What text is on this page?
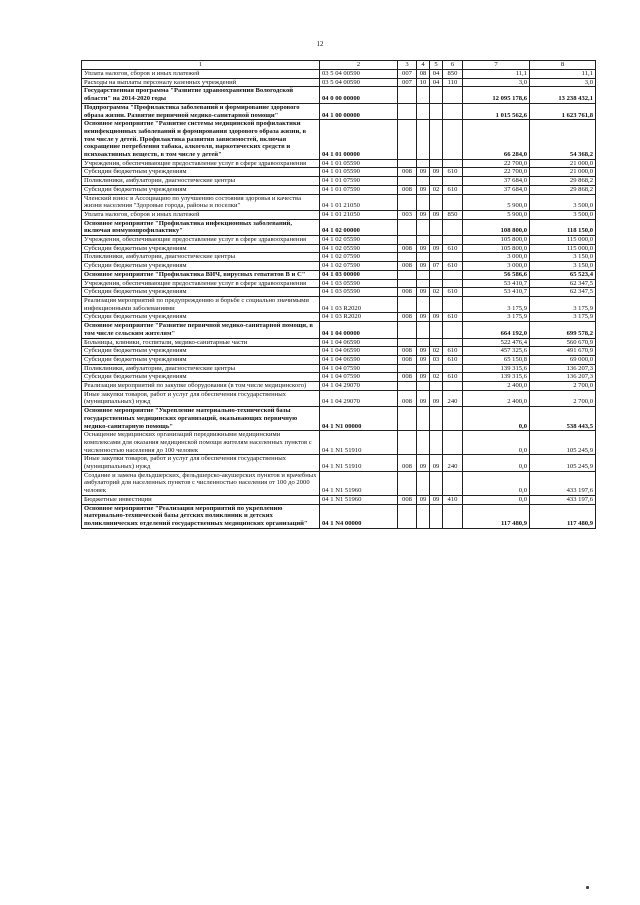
12
1	2	3	4	5	6	7	8
Уплата налогов, сборов и иных платежей	03 5 04 00590	007	08	04	850	11,1	11,1
Расходы на выплаты персоналу казенных учреждений	03 5 04 00590	007	10	04	110	3,0	3,0
Государственная программа "Развитие здравоохранения Вологодской области" на 2014-2020 годы	04 0 00 00000					12 095 178,6	13 238 432,1
Подпрограмма "Профилактика заболеваний и формирование здорового образа жизни. Развитие первичной медико-санитарной помощи"	04 1 00 00000					1 015 562,6	1 623 761,8
Основное мероприятие "Развитие системы медицинской профилактики неинфекционных заболеваний и формирования здорового образа жизни, в том числе у детей. Профилактика развития зависимостей, включая сокращение потребления табака, алкоголя, наркотических средств и психоактивных веществ, в том числе у детей"	04 1 01 00000					66 284,0	54 368,2
Учреждения, обеспечивающие предоставление услуг в сфере здравоохранения	04 1 01 05590					22 700,0	21 000,0
Субсидии бюджетным учреждениям	04 1 01 05590	008	09	09	610	22 700,0	21 000,0
Поликлиники, амбулатории, диагностические центры	04 1 01 07590					37 684,0	29 868,2
Субсидии бюджетным учреждениям	04 1 01 07590	008	09	02	610	37 684,0	29 868,2
Членский взнос в Ассоциацию по улучшению состояния здоровья и качества жизни населения "Здоровые города, районы и поселки"	04 1 01 21050					5 900,0	3 500,0
Уплата налогов, сборов и иных платежей	04 1 01 21050	003	09	09	850	5 900,0	3 500,0
Основное мероприятие "Профилактика инфекционных заболеваний, включая иммунопрофилактику"	04 1 02 00000					108 800,0	118 150,0
Учреждения, обеспечивающие предоставление услуг в сфере здравоохранения	04 1 02 05590					105 800,0	115 000,0
Субсидии бюджетным учреждениям	04 1 02 05590	008	09	09	610	105 800,0	115 000,0
Поликлиники, амбулатории, диагностические центры	04 1 02 07590					3 000,0	3 150,0
Субсидии бюджетным учреждениям	04 1 02 07590	008	09	07	610	3 000,0	3 150,0
Основное мероприятие "Профилактика ВИЧ, вирусных гепатитов В и С"	04 1 03 00000					56 586,6	65 523,4
Учреждения, обеспечивающие предоставление услуг в сфере здравоохранения	04 1 03 05590					53 410,7	62 347,5
Субсидии бюджетным учреждениям	04 1 03 05590	008	09	02	610	53 410,7	62 347,5
Реализация мероприятий по предупреждению и борьбе с социально значимыми инфекционными заболеваниями	04 1 03 R2020					3 175,9	3 175,9
Субсидии бюджетным учреждениям	04 1 03 R2020	008	09	09	610	3 175,9	3 175,9
Основное мероприятие "Развитие первичной медико-санитарной помощи, в том числе сельским жителям"	04 1 04 00000					664 192,0	699 578,2
Больницы, клиники, госпитали, медико-санитарные части	04 1 04 06590					522 476,4	560 670,9
Субсидии бюджетным учреждениям	04 1 04 06590	008	09	02	610	457 325,6	491 670,9
Субсидии бюджетным учреждениям	04 1 04 06590	008	09	03	610	65 150,8	69 000,0
Поликлиники, амбулатории, диагностические центры	04 1 04 07590					139 315,6	136 207,3
Субсидии бюджетным учреждениям	04 1 04 07590	008	09	02	610	139 315,6	136 207,3
Реализация мероприятий по закупке оборудования (в том числе медицинского)	04 1 04 29070					2 400,0	2 700,0
Иные закупки товаров, работ и услуг для обеспечения государственных (муниципальных) нужд	04 1 04 29070	008	09	09	240	2 400,0	2 700,0
Основное мероприятие "Укрепление материально-технической базы государственных медицинских организаций, оказывающих первичную медико-санитарную помощь"	04 1 N1 00000					0,0	538 443,5
Оснащение медицинских организаций передвижными медицинскими комплексами для оказания медицинской помощи жителям населенных пунктов с численностью населения до 100 человек	04 1 N1 51910					0,0	105 245,9
Иные закупки товаров, работ и услуг для обеспечения государственных (муниципальных) нужд	04 1 N1 51910	008	09	09	240	0,0	105 245,9
Создание и замена фельдшерских, фельдшерско-акушерских пунктов и врачебных амбулаторий для населенных пунктов с численностью населения от 100 до 2000 человек	04 1 N1 51960					0,0	433 197,6
Бюджетные инвестиции	04 1 N1 51960	008	09	09	410	0,0	433 197,6
Основное мероприятие "Реализация мероприятий по укреплению материально-технической базы детских поликлиник и детских поликлинических отделений государственных медицинских организаций"	04 1 N4 00000					117 480,9	117 480,9
